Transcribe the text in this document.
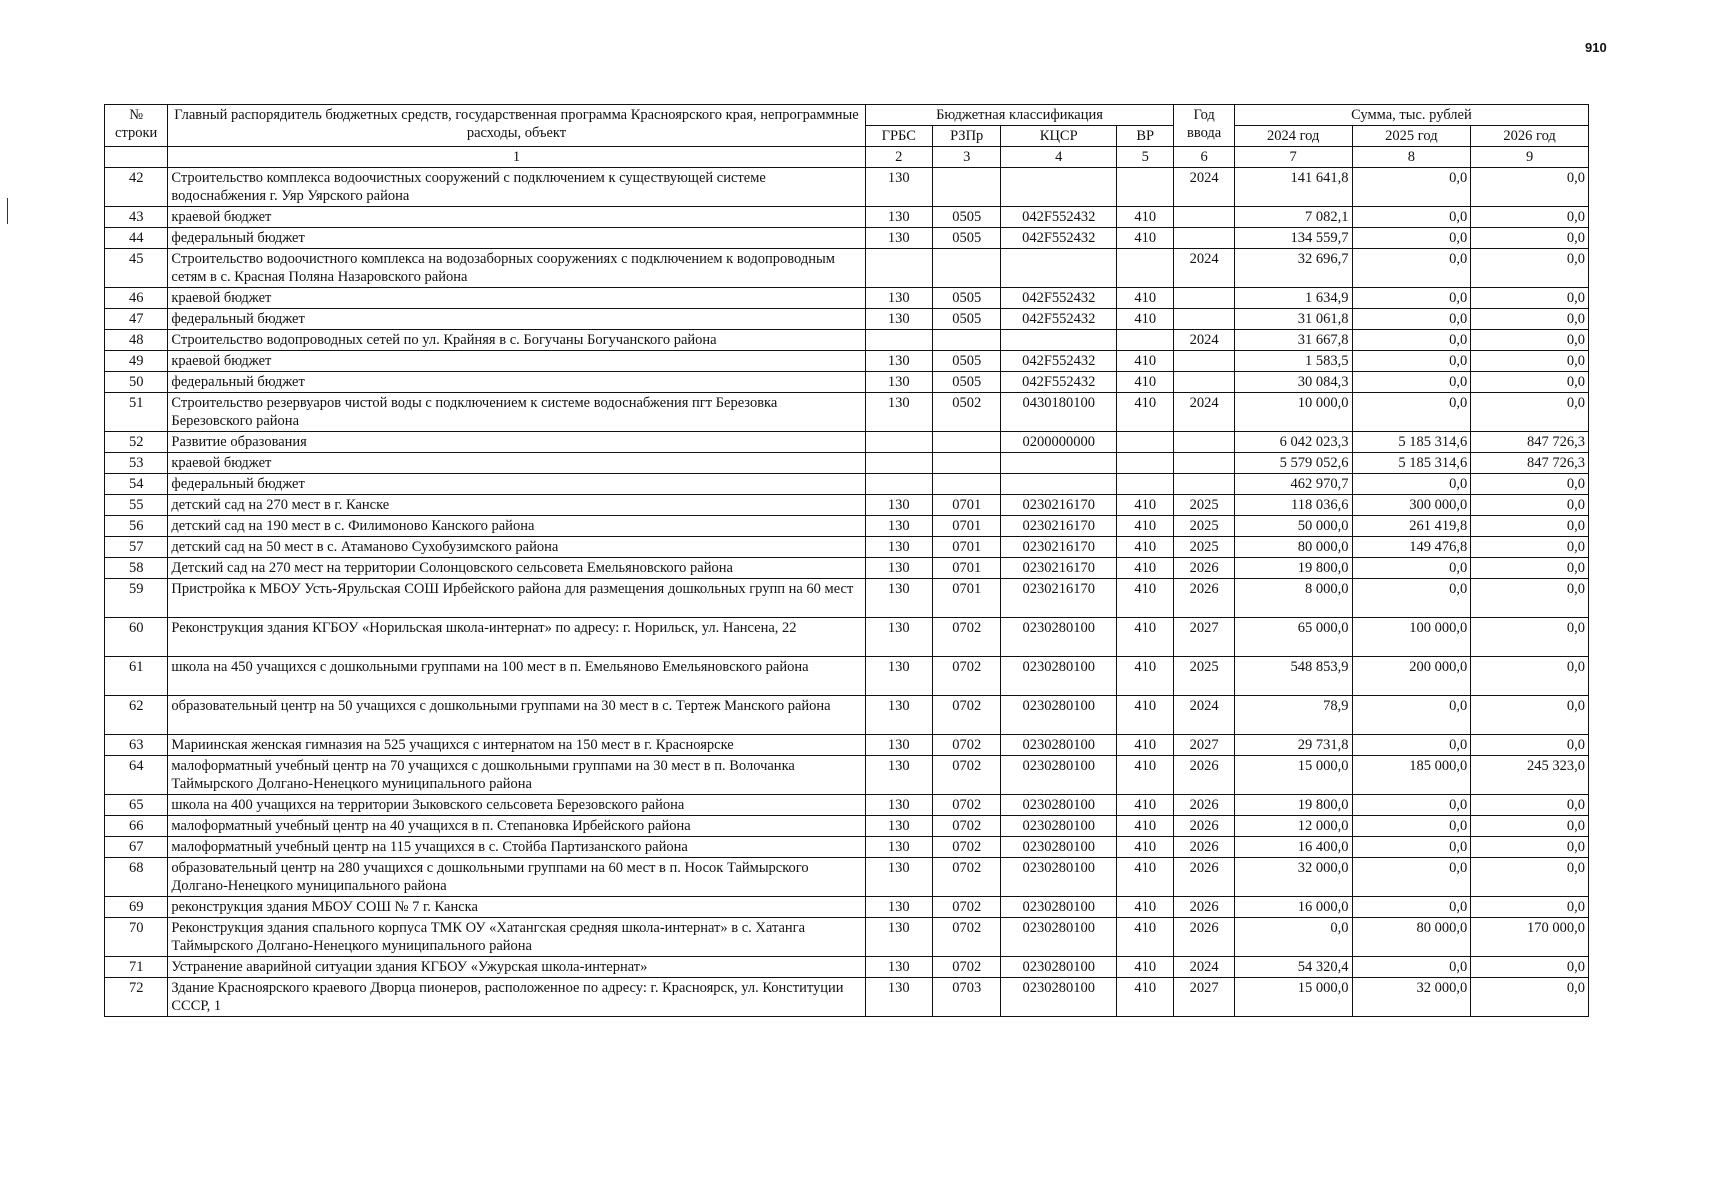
910
№ строки	Главный распорядитель бюджетных средств, государственная программа Красноярского края, непрограммные расходы, объект	Бюджетная классификация				Год ввода	Сумма, тыс. рублей		
		ГРБС	РЗПр	КЦСР	ВР		2024 год	2025 год	2026 год
	1	2	3	4	5	6	7	8	9
42	Строительство комплекса водоочистных сооружений с подключением к существующей системе водоснабжения г. Уяр Уярского района	130				2024	141 641,8	0,0	0,0
43	краевой бюджет	130	0505	042F552432	410		7 082,1	0,0	0,0
44	федеральный бюджет	130	0505	042F552432	410		134 559,7	0,0	0,0
45	Строительство водоочистного комплекса на водозаборных сооружениях с подключением к водопроводным сетям в с. Красная Поляна Назаровского района					2024	32 696,7	0,0	0,0
46	краевой бюджет	130	0505	042F552432	410		1 634,9	0,0	0,0
47	федеральный бюджет	130	0505	042F552432	410		31 061,8	0,0	0,0
48	Строительство водопроводных сетей по ул. Крайняя в с. Богучаны Богучанского района					2024	31 667,8	0,0	0,0
49	краевой бюджет	130	0505	042F552432	410		1 583,5	0,0	0,0
50	федеральный бюджет	130	0505	042F552432	410		30 084,3	0,0	0,0
51	Строительство резервуаров чистой воды с подключением к системе водоснабжения пгт Березовка Березовского района	130	0502	0430180100	410	2024	10 000,0	0,0	0,0
52	Развитие образования			0200000000			6 042 023,3	5 185 314,6	847 726,3
53	краевой бюджет						5 579 052,6	5 185 314,6	847 726,3
54	федеральный бюджет						462 970,7	0,0	0,0
55	детский сад на 270 мест в г. Канске	130	0701	0230216170	410	2025	118 036,6	300 000,0	0,0
56	детский сад на 190 мест в с. Филимоново Канского района	130	0701	0230216170	410	2025	50 000,0	261 419,8	0,0
57	детский сад на 50 мест в с. Атаманово Сухобузимского района	130	0701	0230216170	410	2025	80 000,0	149 476,8	0,0
58	Детский сад на 270 мест на территории Солонцовского сельсовета Емельяновского района	130	0701	0230216170	410	2026	19 800,0	0,0	0,0
59	Пристройка к МБОУ Усть-Ярульская СОШ Ирбейского района для размещения дошкольных групп на 60 мест	130	0701	0230216170	410	2026	8 000,0	0,0	0,0
60	Реконструкция здания КГБОУ «Норильская школа-интернат» по адресу: г. Норильск, ул. Нансена, 22	130	0702	0230280100	410	2027	65 000,0	100 000,0	0,0
61	школа на 450 учащихся с дошкольными группами на 100 мест в п. Емельяново Емельяновского района	130	0702	0230280100	410	2025	548 853,9	200 000,0	0,0
62	образовательный центр на 50 учащихся с дошкольными группами на 30 мест в с. Тертеж Манского района	130	0702	0230280100	410	2024	78,9	0,0	0,0
63	Мариинская женская гимназия на 525 учащихся с интернатом на 150 мест в г. Красноярске	130	0702	0230280100	410	2027	29 731,8	0,0	0,0
64	малоформатный учебный центр на 70 учащихся с дошкольными группами на 30 мест в п. Волочанка Таймырского Долгано-Ненецкого муниципального района	130	0702	0230280100	410	2026	15 000,0	185 000,0	245 323,0
65	школа на 400 учащихся на территории Зыковского сельсовета Березовского района	130	0702	0230280100	410	2026	19 800,0	0,0	0,0
66	малоформатный учебный центр на 40 учащихся в п. Степановка Ирбейского района	130	0702	0230280100	410	2026	12 000,0	0,0	0,0
67	малоформатный учебный центр на 115 учащихся в с. Стойба Партизанского района	130	0702	0230280100	410	2026	16 400,0	0,0	0,0
68	образовательный центр на 280 учащихся с дошкольными группами на 60 мест в п. Носок Таймырского Долгано-Ненецкого муниципального района	130	0702	0230280100	410	2026	32 000,0	0,0	0,0
69	реконструкция здания МБОУ СОШ № 7 г. Канска	130	0702	0230280100	410	2026	16 000,0	0,0	0,0
70	Реконструкция здания спального корпуса ТМК ОУ «Хатангская средняя школа-интернат» в с. Хатанга Таймырского Долгано-Ненецкого муниципального района	130	0702	0230280100	410	2026	0,0	80 000,0	170 000,0
71	Устранение аварийной ситуации здания КГБОУ «Ужурская школа-интернат»	130	0702	0230280100	410	2024	54 320,4	0,0	0,0
72	Здание Красноярского краевого Дворца пионеров, расположенное по адресу: г. Красноярск, ул. Конституции СССР, 1	130	0703	0230280100	410	2027	15 000,0	32 000,0	0,0
